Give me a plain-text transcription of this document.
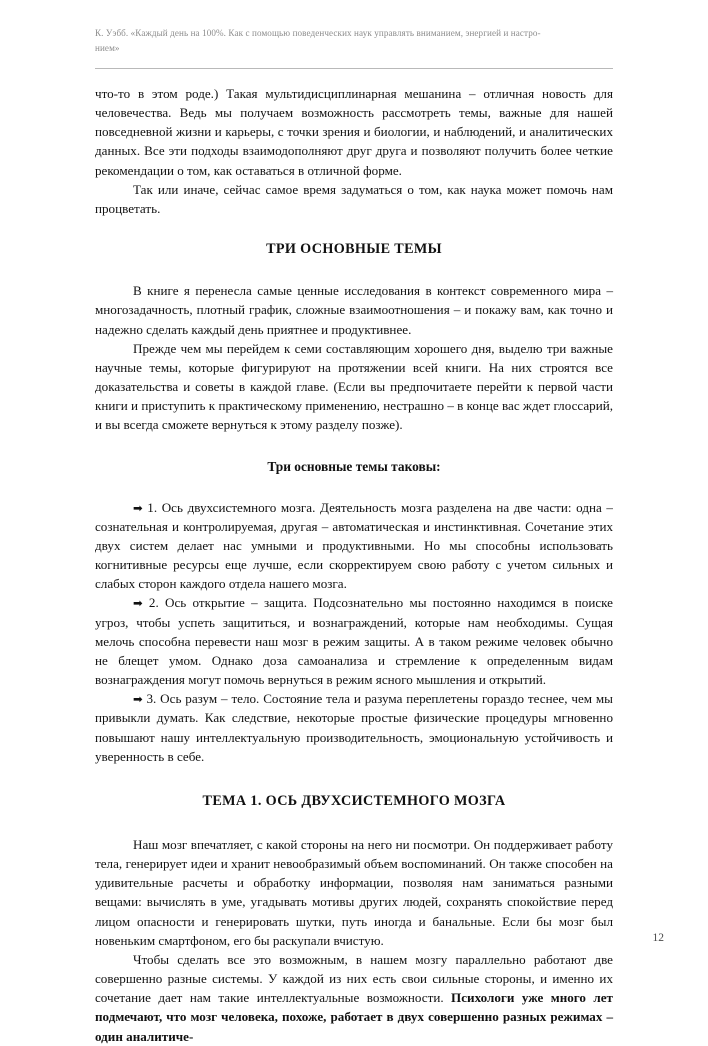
К. Уэбб. «Каждый день на 100%. Как с помощью поведенческих наук управлять вниманием, энергией и настро-
нием»

что-то в этом роде.) Такая мультидисциплинарная мешанина – отличная новость для человечества. Ведь мы получаем возможность рассмотреть темы, важные для нашей повседневной жизни и карьеры, с точки зрения и биологии, и наблюдений, и аналитических данных. Все эти подходы взаимодополняют друг друга и позволяют получить более четкие рекомендации о том, как оставаться в отличной форме.

Так или иначе, сейчас самое время задуматься о том, как наука может помочь нам процветать.

ТРИ ОСНОВНЫЕ ТЕМЫ

В книге я перенесла самые ценные исследования в контекст современного мира – многозадачность, плотный график, сложные взаимоотношения – и покажу вам, как точно и надежно сделать каждый день приятнее и продуктивнее.

Прежде чем мы перейдем к семи составляющим хорошего дня, выделю три важные научные темы, которые фигурируют на протяжении всей книги. На них строятся все доказательства и советы в каждой главе. (Если вы предпочитаете перейти к первой части книги и приступить к практическому применению, нестрашно – в конце вас ждет глоссарий, и вы всегда сможете вернуться к этому разделу позже).

Три основные темы таковы:

➡ 1. Ось двухсистемного мозга. Деятельность мозга разделена на две части: одна – сознательная и контролируемая, другая – автоматическая и инстинктивная. Сочетание этих двух систем делает нас умными и продуктивными. Но мы способны использовать когнитивные ресурсы еще лучше, если скорректируем свою работу с учетом сильных и слабых сторон каждого отдела нашего мозга.

➡ 2. Ось открытие – защита. Подсознательно мы постоянно находимся в поиске угроз, чтобы успеть защититься, и вознаграждений, которые нам необходимы. Сущая мелочь способна перевести наш мозг в режим защиты. А в таком режиме человек обычно не блещет умом. Однако доза самоанализа и стремление к определенным видам вознаграждения могут помочь вернуться в режим ясного мышления и открытий.

➡ 3. Ось разум – тело. Состояние тела и разума переплетены гораздо теснее, чем мы привыкли думать. Как следствие, некоторые простые физические процедуры мгновенно повышают нашу интеллектуальную производительность, эмоциональную устойчивость и уверенность в себе.

ТЕМА 1. ОСЬ ДВУХСИСТЕМНОГО МОЗГА

Наш мозг впечатляет, с какой стороны на него ни посмотри. Он поддерживает работу тела, генерирует идеи и хранит невообразимый объем воспоминаний. Он также способен на удивительные расчеты и обработку информации, позволяя нам заниматься разными вещами: вычислять в уме, угадывать мотивы других людей, сохранять спокойствие перед лицом опасности и генерировать шутки, путь иногда и банальные. Если бы мозг был новеньким смартфоном, его бы раскупали вчистую.

Чтобы сделать все это возможным, в нашем мозгу параллельно работают две совершенно разные системы. У каждой из них есть свои сильные стороны, и именно их сочетание дает нам такие интеллектуальные возможности. Психологи уже много лет подмечают, что мозг человека, похоже, работает в двух совершенно разных режимах – один аналитиче-

12
